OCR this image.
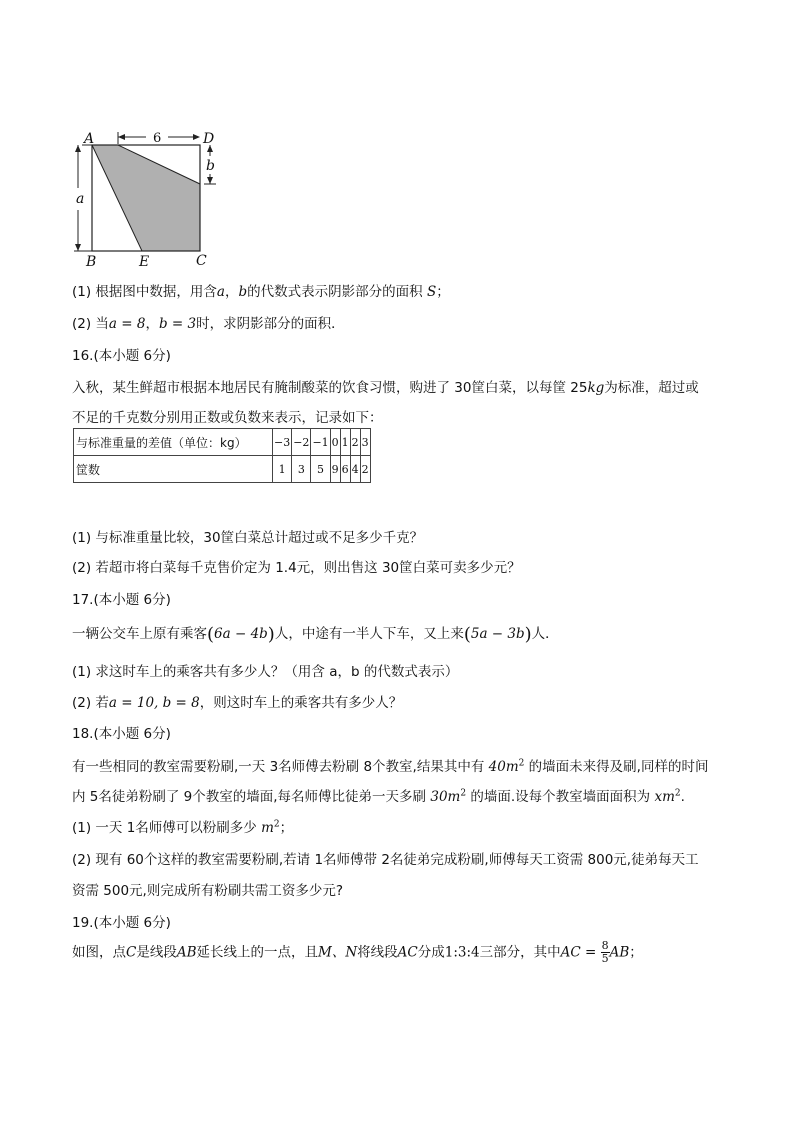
A	D
B	E	C
a
b
6
(1) 根据图中数据，用含a，b的代数式表示阴影部分的面积 S；
(2) 当a = 8，b = 3时，求阴影部分的面积．
16.(本小题 6分)
入秋，某生鲜超市根据本地居民有腌制酸菜的饮食习惯，购进了 30筐白菜，以每筐 25kg为标准，超过或
不足的千克数分别用正数或负数来表示，记录如下：
与标准重量的差值（单位：kg）	−3	−2	−1	0	1	2	3
筐数	1	3	5	9	6	4	2
(1) 与标准重量比较，30筐白菜总计超过或不足多少千克？
(2) 若超市将白菜每千克售价定为 1.4元，则出售这 30筐白菜可卖多少元？
17.(本小题 6分)
一辆公交车上原有乘客(6a − 4b)人，中途有一半人下车，又上来(5a − 3b)人．
(1) 求这时车上的乘客共有多少人？（用含 a，b 的代数式表示）
(2) 若a = 10, b = 8，则这时车上的乘客共有多少人？
18.(本小题 6分)
有一些相同的教室需要粉刷,一天 3名师傅去粉刷 8个教室,结果其中有 $40m^2$ 的墙面未来得及刷,同样的时间
内 5名徒弟粉刷了 9个教室的墙面,每名师傅比徒弟一天多刷 $30m^2$ 的墙面.设每个教室墙面面积为 $xm^2$.
(1) 一天 1名师傅可以粉刷多少 $m^2$；
(2) 现有 60个这样的教室需要粉刷,若请 1名师傅带 2名徒弟完成粉刷,师傅每天工资需 800元,徒弟每天工
资需 500元,则完成所有粉刷共需工资多少元?
19.(本小题 6分)
如图，点C是线段AB延长线上的一点，且M、N将线段AC分成1:3:4三部分，其中AC = $\frac{8}{5}$ AB；
